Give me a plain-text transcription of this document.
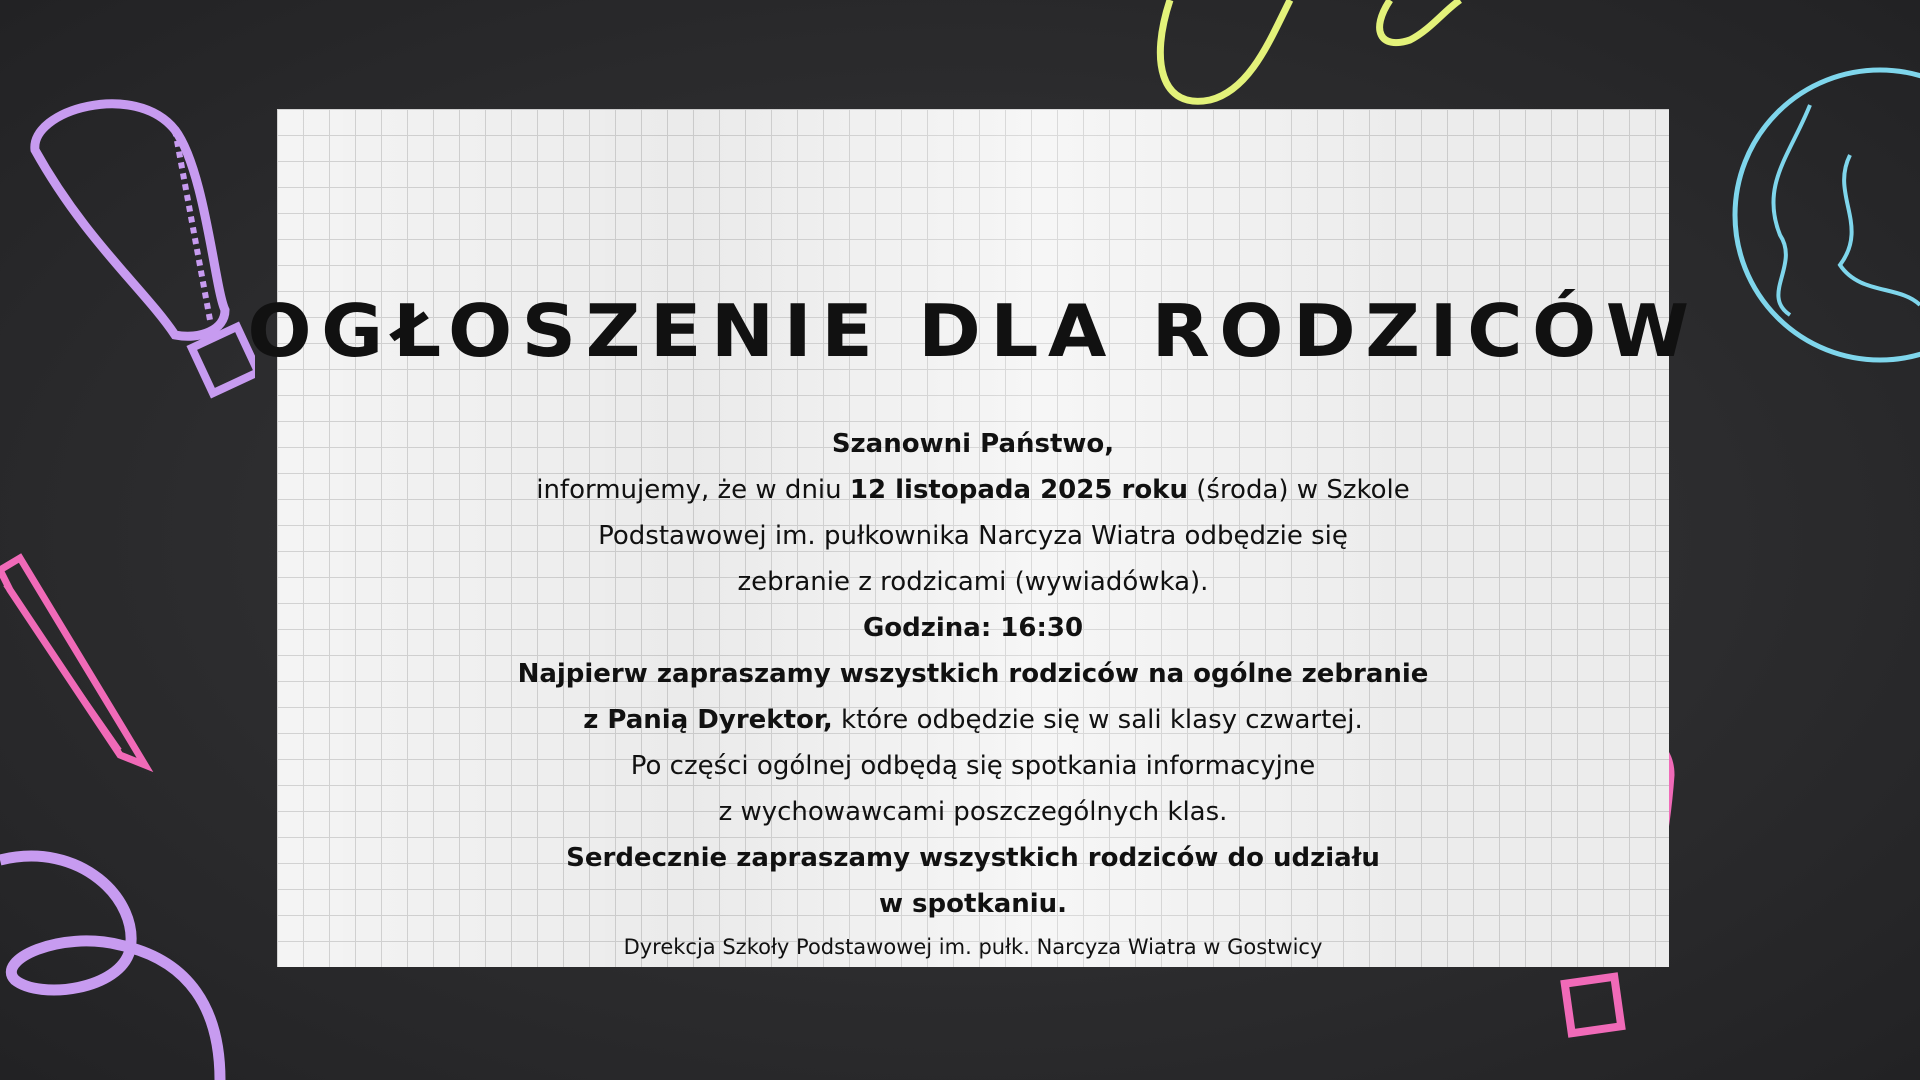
OGŁOSZENIE DLA RODZICÓW

Szanowni Państwo,

informujemy, że w dniu 12 listopada 2025 roku (środa) w Szkole

Podstawowej im. pułkownika Narcyza Wiatra odbędzie się

zebranie z rodzicami (wywiadówka).

Godzina: 16:30

Najpierw zapraszamy wszystkich rodziców na ogólne zebranie

z Panią Dyrektor, które odbędzie się w sali klasy czwartej.

Po części ogólnej odbędą się spotkania informacyjne

z wychowawcami poszczególnych klas.

Serdecznie zapraszamy wszystkich rodziców do udziału

w spotkaniu.

Dyrekcja Szkoły Podstawowej im. pułk. Narcyza Wiatra w Gostwicy
